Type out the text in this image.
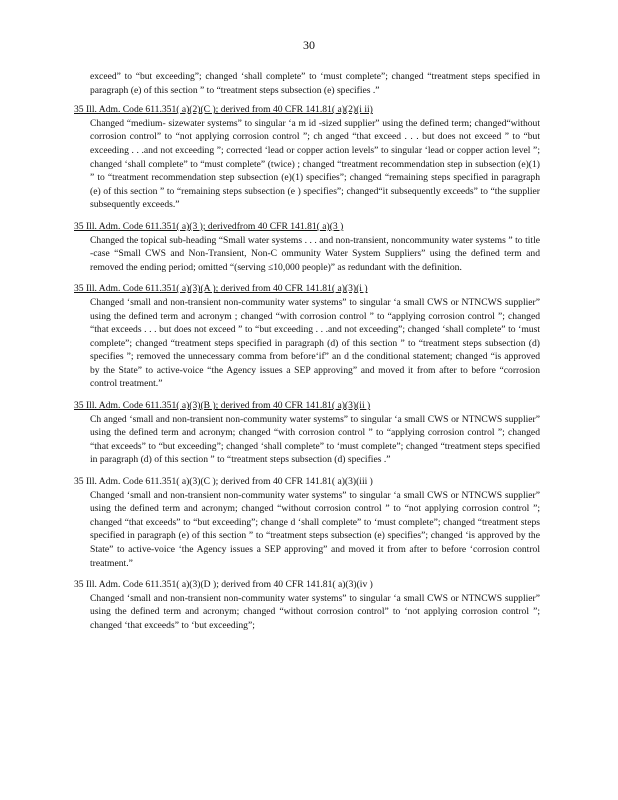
30

exceed” to “but exceeding”; changed ‘shall complete” to ‘must complete”; changed “treatment steps specified in paragraph (e) of this section ” to “treatment steps subsection (e) specifies .”

35 Ill. Adm. Code 611.351( a)(2)(C ); derived from 40 CFR 141.81( a)(2)(i ii)

Changed “medium- sizewater systems” to singular ‘a m id -sized supplier” using the defined term; changed“without corrosion control” to “not applying corrosion control ”; ch anged “that exceed . . . but does not exceed ” to “but exceeding . . .and not exceeding ”; corrected ‘lead or copper action levels” to singular ‘lead or copper action level ”; changed ‘shall complete” to “must complete” (twice) ; changed “treatment recommendation step in subsection (e)(1) ” to “treatment recommendation step subsection (e)(1) specifies”; changed “remaining steps specified in paragraph (e) of this section ” to “remaining steps subsection (e ) specifies”; changed“it subsequently exceeds” to “the supplier subsequently exceeds.”

35 Ill. Adm. Code 611.351( a)(3 ); derivedfrom 40 CFR 141.81( a)(3 )

Changed the topical sub-heading “Small water systems . . . and non-transient, noncommunity water systems ” to title -case “Small CWS and Non-Transient, Non-C ommunity Water System Suppliers” using the defined term and removed the ending period; omitted “(serving ≤10,000 people)” as redundant with the definition.

35 Ill. Adm. Code 611.351( a)(3)(A ); derived from 40 CFR 141.81( a)(3)(i )

Changed ‘small and non-transient non-community water systems” to singular ‘a small CWS or NTNCWS supplier” using the defined term and acronym ; changed “with corrosion control ” to “applying corrosion control ”; changed “that exceeds . . . but does not exceed ” to “but exceeding . . .and not exceeding”; changed ‘shall complete” to ‘must complete”; changed “treatment steps specified in paragraph (d) of this section ” to “treatment steps subsection (d) specifies ”; removed the unnecessary comma from before‘if” an d the conditional statement; changed “is approved by the State” to active-voice “the Agency issues a SEP approving” and moved it from after to before “corrosion control treatment.”

35 Ill. Adm. Code 611.351( a)(3)(B ); derived from 40 CFR 141.81( a)(3)(ii )

Ch anged ‘small and non-transient non-community water systems” to singular ‘a small CWS or NTNCWS supplier” using the defined term and acronym; changed “with corrosion control ” to “applying corrosion control ”; changed “that exceeds” to “but exceeding”; changed ‘shall complete” to ‘must complete”; changed “treatment steps specified in paragraph (d) of this section ” to “treatment steps subsection (d) specifies .”

35 Ill. Adm. Code 611.351( a)(3)(C ); derived from 40 CFR 141.81( a)(3)(iii )

Changed ‘small and non-transient non-community water systems” to singular ‘a small CWS or NTNCWS supplier” using the defined term and acronym; changed “without corrosion control ” to “not applying corrosion control ”; changed “that exceeds” to “but exceeding”; change d ‘shall complete” to ‘must complete”; changed “treatment steps specified in paragraph (e) of this section ” to “treatment steps subsection (e) specifies”; changed ‘is approved by the State” to active-voice ‘the Agency issues a SEP approving” and moved it from after to before ‘corrosion control treatment.”

35 Ill. Adm. Code 611.351( a)(3)(D ); derived from 40 CFR 141.81( a)(3)(iv )

Changed ‘small and non-transient non-community water systems” to singular ‘a small CWS or NTNCWS supplier” using the defined term and acronym; changed “without corrosion control” to ‘not applying corrosion control ”; changed ‘that exceeds” to ‘but exceeding”;
